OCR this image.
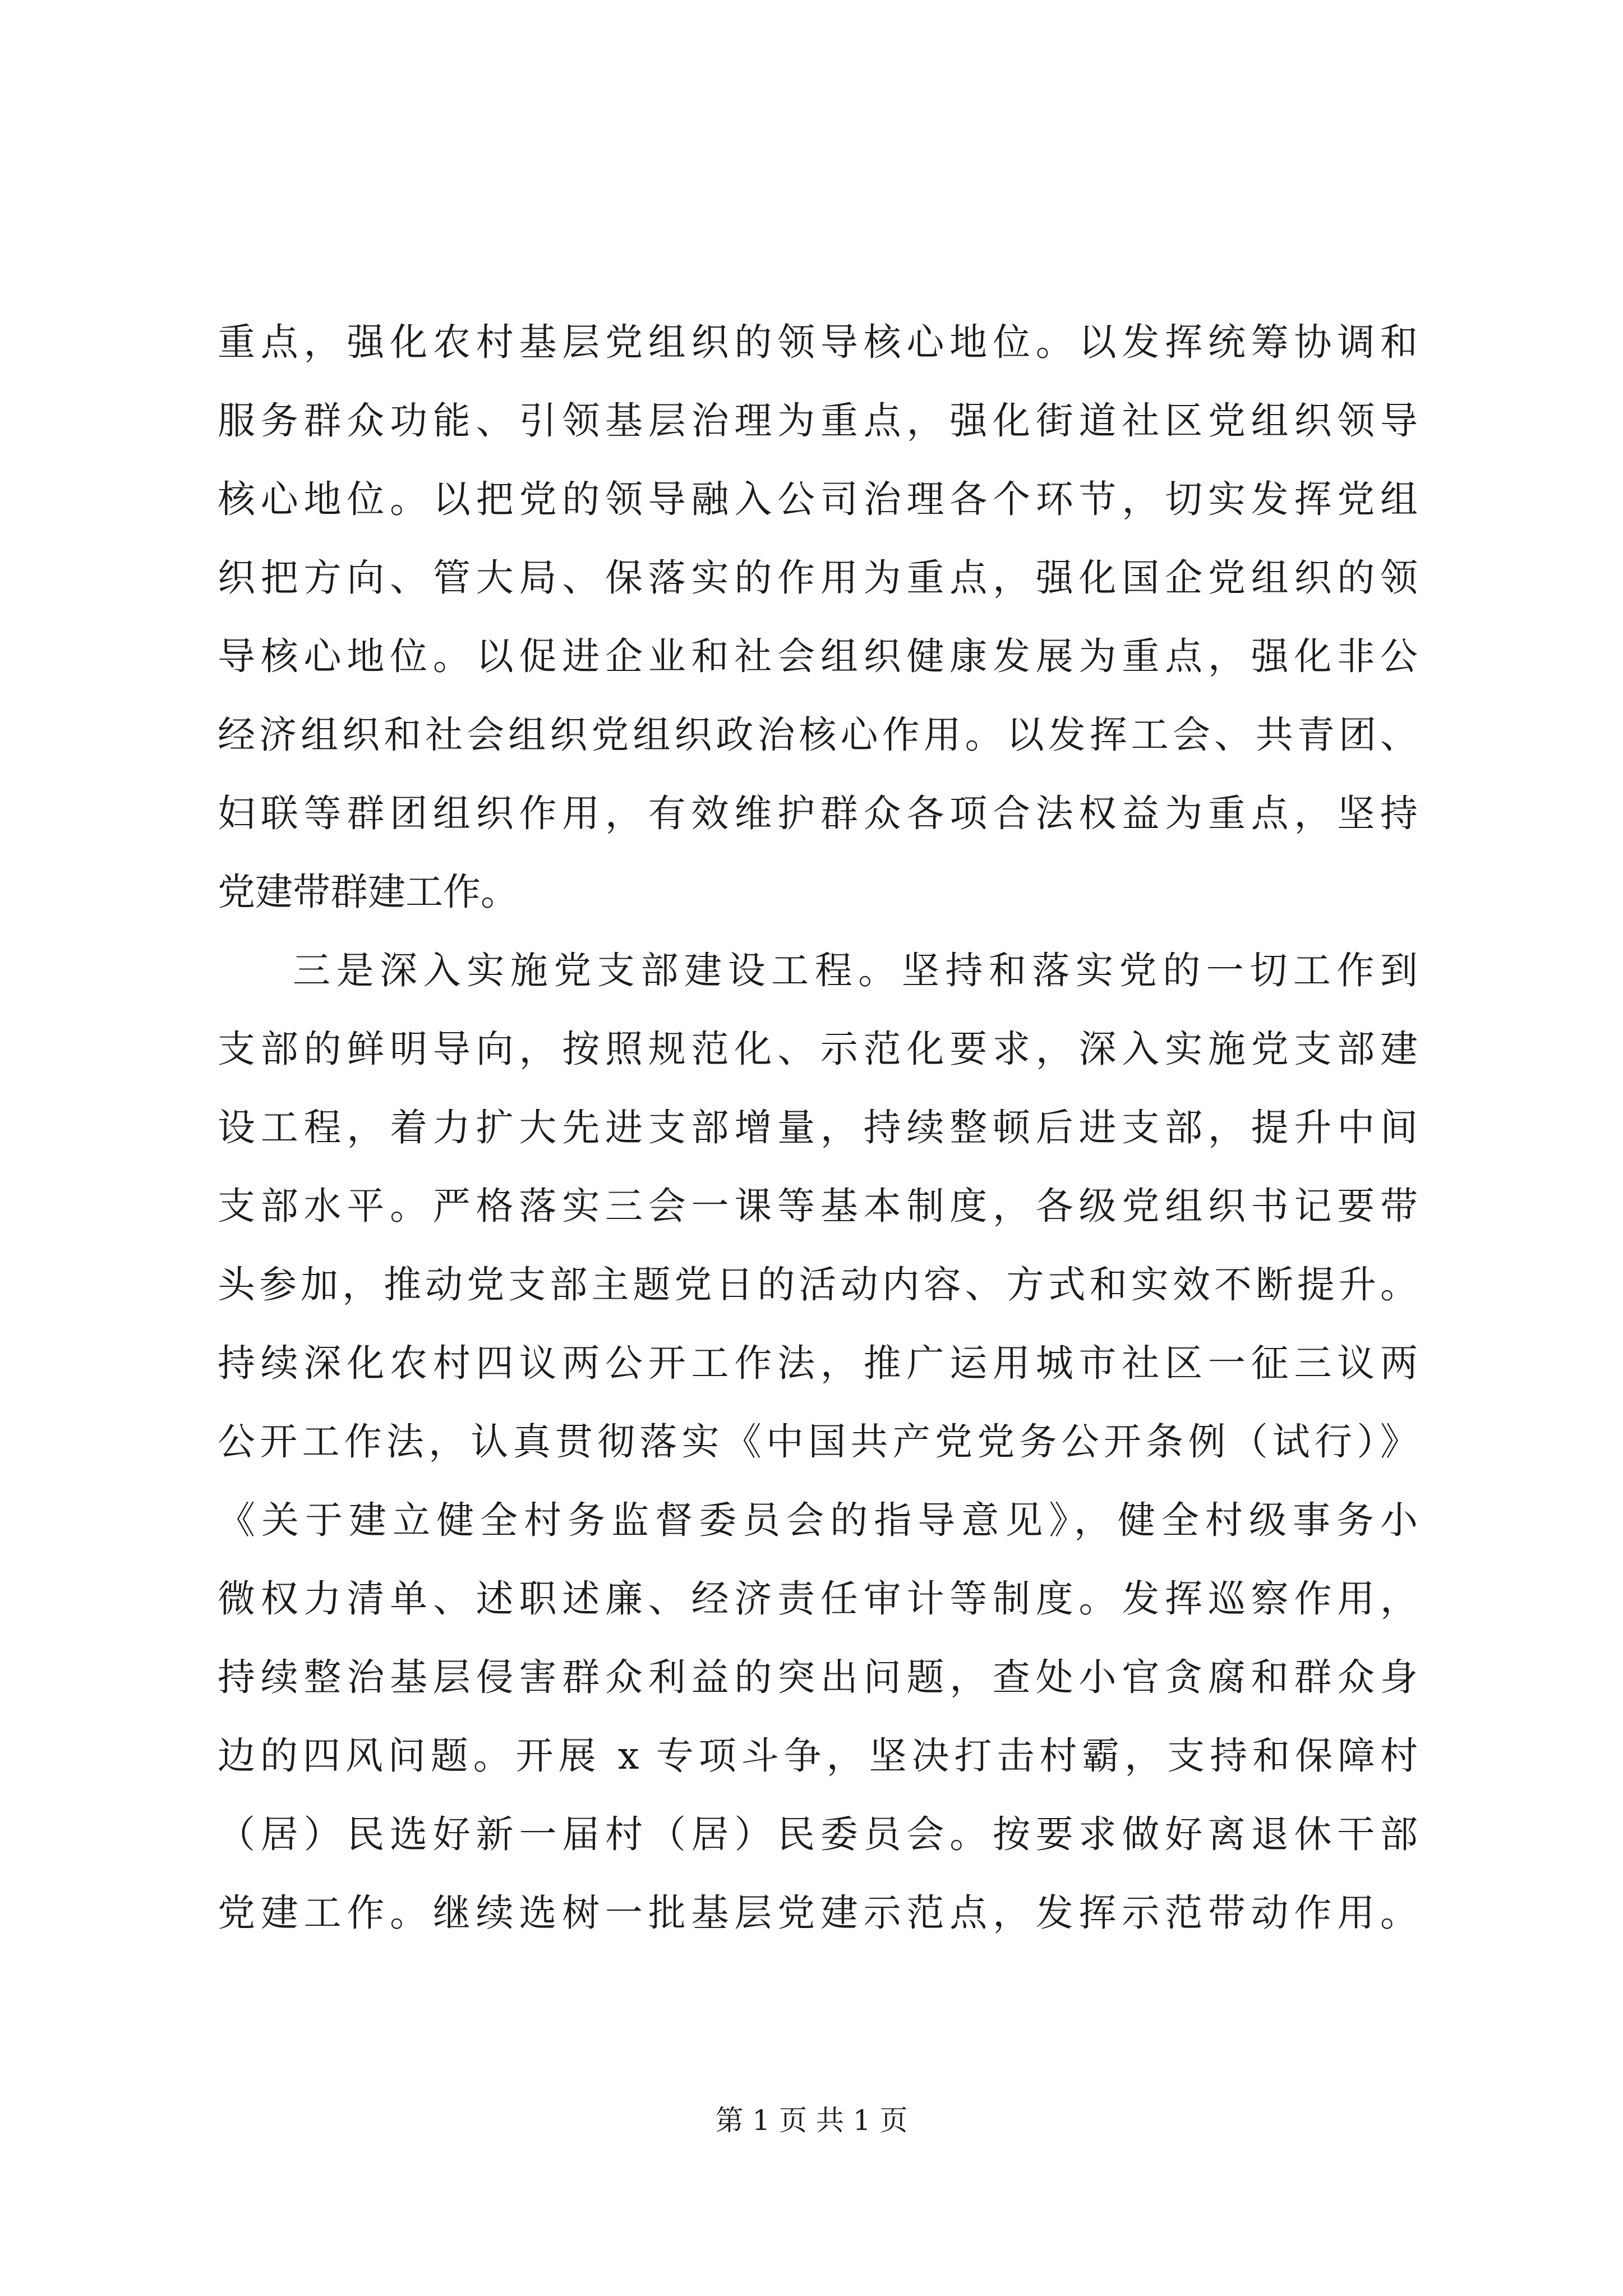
重点，强化农村基层党组织的领导核心地位。以发挥统筹协调和
服务群众功能、引领基层治理为重点，强化街道社区党组织领导
核心地位。以把党的领导融入公司治理各个环节，切实发挥党组
织把方向、管大局、保落实的作用为重点，强化国企党组织的领
导核心地位。以促进企业和社会组织健康发展为重点，强化非公
经济组织和社会组织党组织政治核心作用。以发挥工会、共青团、
妇联等群团组织作用，有效维护群众各项合法权益为重点，坚持
党建带群建工作。
三是深入实施党支部建设工程。坚持和落实党的一切工作到
支部的鲜明导向，按照规范化、示范化要求，深入实施党支部建
设工程，着力扩大先进支部增量，持续整顿后进支部，提升中间
支部水平。严格落实三会一课等基本制度，各级党组织书记要带
头参加，推动党支部主题党日的活动内容、方式和实效不断提升。
持续深化农村四议两公开工作法，推广运用城市社区一征三议两
公开工作法，认真贯彻落实《中国共产党党务公开条例（试行）》
《关于建立健全村务监督委员会的指导意见》，健全村级事务小
微权力清单、述职述廉、经济责任审计等制度。发挥巡察作用，
持续整治基层侵害群众利益的突出问题，查处小官贪腐和群众身
边的四风问题。开展 x 专项斗争，坚决打击村霸，支持和保障村
（居）民选好新一届村（居）民委员会。按要求做好离退休干部
党建工作。继续选树一批基层党建示范点，发挥示范带动作用。
第 1 页 共 1 页
